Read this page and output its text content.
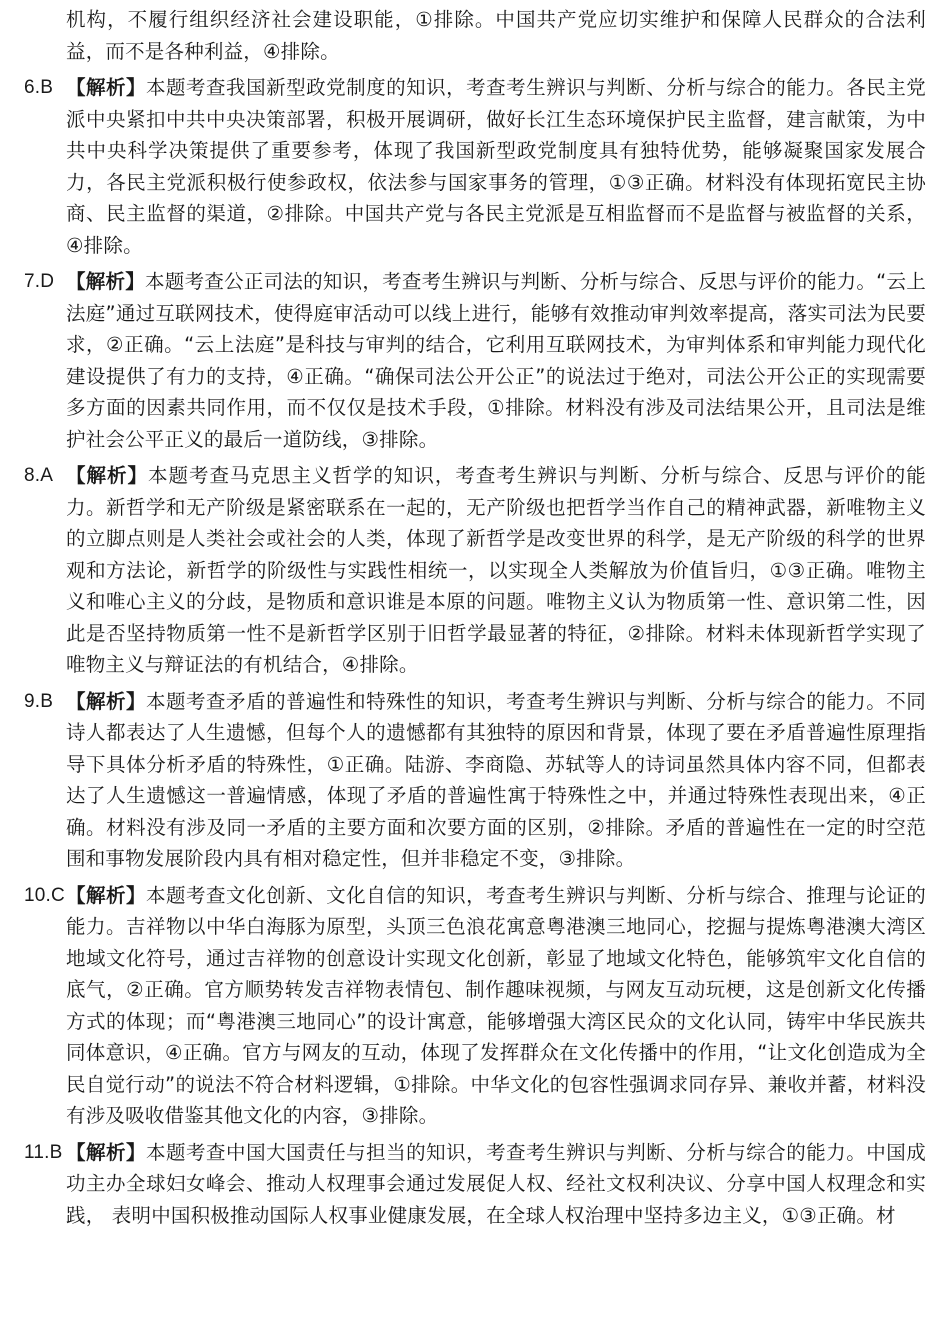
机构，不履行组织经济社会建设职能，①排除。中国共产党应切实维护和保障人民群众的合法利益，而不是各种利益，④排除。

6.B 【解析】本题考查我国新型政党制度的知识，考查考生辨识与判断、分析与综合的能力。各民主党派中央紧扣中共中央决策部署，积极开展调研，做好长江生态环境保护民主监督，建言献策，为中共中央科学决策提供了重要参考，体现了我国新型政党制度具有独特优势，能够凝聚国家发展合力，各民主党派积极行使参政权，依法参与国家事务的管理，①③正确。材料没有体现拓宽民主协商、民主监督的渠道，②排除。中国共产党与各民主党派是互相监督而不是监督与被监督的关系，④排除。

7.D 【解析】本题考查公正司法的知识，考查考生辨识与判断、分析与综合、反思与评价的能力。“云上法庭”通过互联网技术，使得庭审活动可以线上进行，能够有效推动审判效率提高，落实司法为民要求，②正确。“云上法庭”是科技与审判的结合，它利用互联网技术，为审判体系和审判能力现代化建设提供了有力的支持，④正确。“确保司法公开公正”的说法过于绝对，司法公开公正的实现需要多方面的因素共同作用，而不仅仅是技术手段，①排除。材料没有涉及司法结果公开，且司法是维护社会公平正义的最后一道防线，③排除。

8.A 【解析】本题考查马克思主义哲学的知识，考查考生辨识与判断、分析与综合、反思与评价的能力。新哲学和无产阶级是紧密联系在一起的，无产阶级也把哲学当作自己的精神武器，新唯物主义的立脚点则是人类社会或社会的人类，体现了新哲学是改变世界的科学，是无产阶级的科学的世界观和方法论，新哲学的阶级性与实践性相统一，以实现全人类解放为价值旨归，①③正确。唯物主义和唯心主义的分歧，是物质和意识谁是本原的问题。唯物主义认为物质第一性、意识第二性，因此是否坚持物质第一性不是新哲学区别于旧哲学最显著的特征，②排除。材料未体现新哲学实现了唯物主义与辩证法的有机结合，④排除。

9.B 【解析】本题考查矛盾的普遍性和特殊性的知识，考查考生辨识与判断、分析与综合的能力。不同诗人都表达了人生遗憾，但每个人的遗憾都有其独特的原因和背景，体现了要在矛盾普遍性原理指导下具体分析矛盾的特殊性，①正确。陆游、李商隐、苏轼等人的诗词虽然具体内容不同，但都表达了人生遗憾这一普遍情感，体现了矛盾的普遍性寓于特殊性之中，并通过特殊性表现出来，④正确。材料没有涉及同一矛盾的主要方面和次要方面的区别，②排除。矛盾的普遍性在一定的时空范围和事物发展阶段内具有相对稳定性，但并非稳定不变，③排除。

10.C 【解析】本题考查文化创新、文化自信的知识，考查考生辨识与判断、分析与综合、推理与论证的能力。吉祥物以中华白海豚为原型，头顶三色浪花寓意粤港澳三地同心，挖掘与提炼粤港澳大湾区地域文化符号，通过吉祥物的创意设计实现文化创新，彰显了地域文化特色，能够筑牢文化自信的底气，②正确。官方顺势转发吉祥物表情包、制作趣味视频，与网友互动玩梗，这是创新文化传播方式的体现；而“粤港澳三地同心”的设计寓意，能够增强大湾区民众的文化认同，铸牢中华民族共同体意识，④正确。官方与网友的互动，体现了发挥群众在文化传播中的作用，“让文化创造成为全民自觉行动”的说法不符合材料逻辑，①排除。中华文化的包容性强调求同存异、兼收并蓄，材料没有涉及吸收借鉴其他文化的内容，③排除。

11.B 【解析】本题考查中国大国责任与担当的知识，考查考生辨识与判断、分析与综合的能力。中国成功主办全球妇女峰会、推动人权理事会通过发展促人权、经社文权利决议、分享中国人权理念和实践， 表明中国积极推动国际人权事业健康发展，在全球人权治理中坚持多边主义，①③正确。材
